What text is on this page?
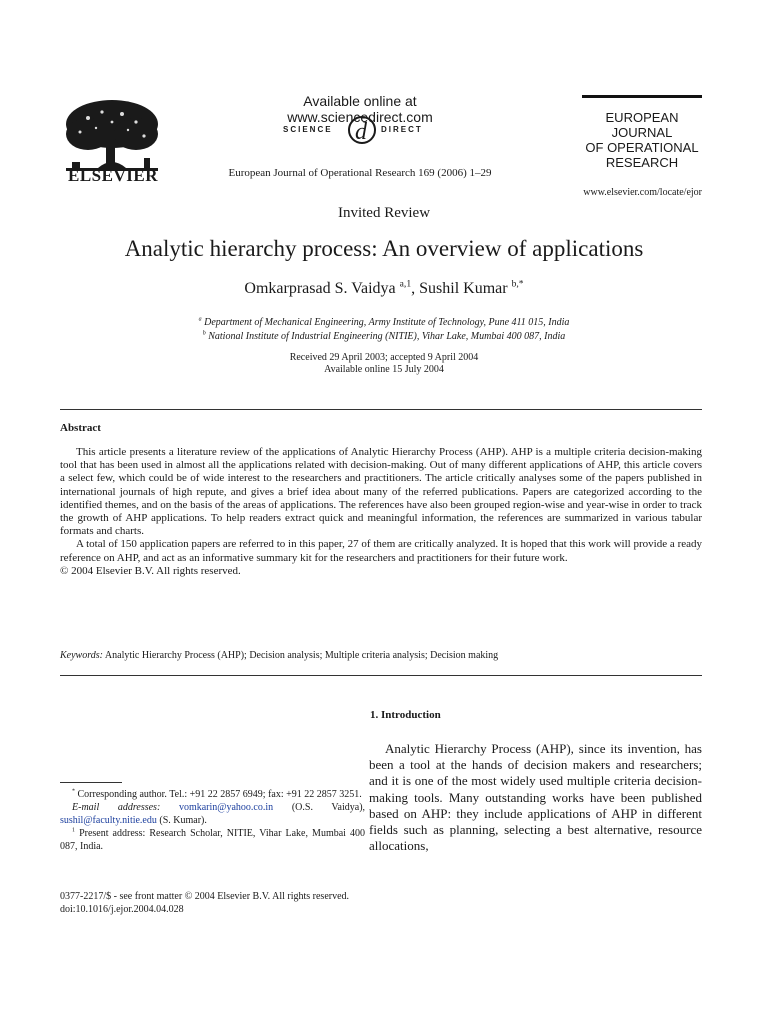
ELSEVIER
Available online at www.sciencedirect.com
SCIENCE d DIRECT
European Journal of Operational Research 169 (2006) 1–29
EUROPEAN
JOURNAL
OF OPERATIONAL
RESEARCH
www.elsevier.com/locate/ejor
Invited Review
Analytic hierarchy process: An overview of applications
Omkarprasad S. Vaidya $^{a,1}$, Sushil Kumar $^{b,*}$
$^a$ Department of Mechanical Engineering, Army Institute of Technology, Pune 411 015, India
$^b$ National Institute of Industrial Engineering (NITIE), Vihar Lake, Mumbai 400 087, India
Received 29 April 2003; accepted 9 April 2004
Available online 15 July 2004
Abstract

This article presents a literature review of the applications of Analytic Hierarchy Process (AHP). AHP is a multiple criteria decision-making tool that has been used in almost all the applications related with decision-making. Out of many different applications of AHP, this article covers a select few, which could be of wide interest to the researchers and practitioners. The article critically analyses some of the papers published in international journals of high repute, and gives a brief idea about many of the referred publications. Papers are categorized according to the identified themes, and on the basis of the areas of applications. The references have also been grouped region-wise and year-wise in order to track the growth of AHP applications. To help readers extract quick and meaningful information, the references are summarized in various tabular formats and charts.

A total of 150 application papers are referred to in this paper, 27 of them are critically analyzed. It is hoped that this work will provide a ready reference on AHP, and act as an informative summary kit for the researchers and practitioners for their future work.

© 2004 Elsevier B.V. All rights reserved.

Keywords: Analytic Hierarchy Process (AHP); Decision analysis; Multiple criteria analysis; Decision making
1. Introduction
Analytic Hierarchy Process (AHP), since its invention, has been a tool at the hands of decision makers and researchers; and it is one of the most widely used multiple criteria decision-making tools. Many outstanding works have been published based on AHP: they include applications of AHP in different fields such as planning, selecting a best alternative, resource allocations,

* Corresponding author. Tel.: +91 22 2857 6949; fax: +91 22 2857 3251.

E-mail addresses: vomkarin@yahoo.co.in (O.S. Vaidya), sushil@faculty.nitie.edu (S. Kumar).

$^1$ Present address: Research Scholar, NITIE, Vihar Lake, Mumbai 400 087, India.

0377-2217/$ - see front matter © 2004 Elsevier B.V. All rights reserved.
doi:10.1016/j.ejor.2004.04.028
